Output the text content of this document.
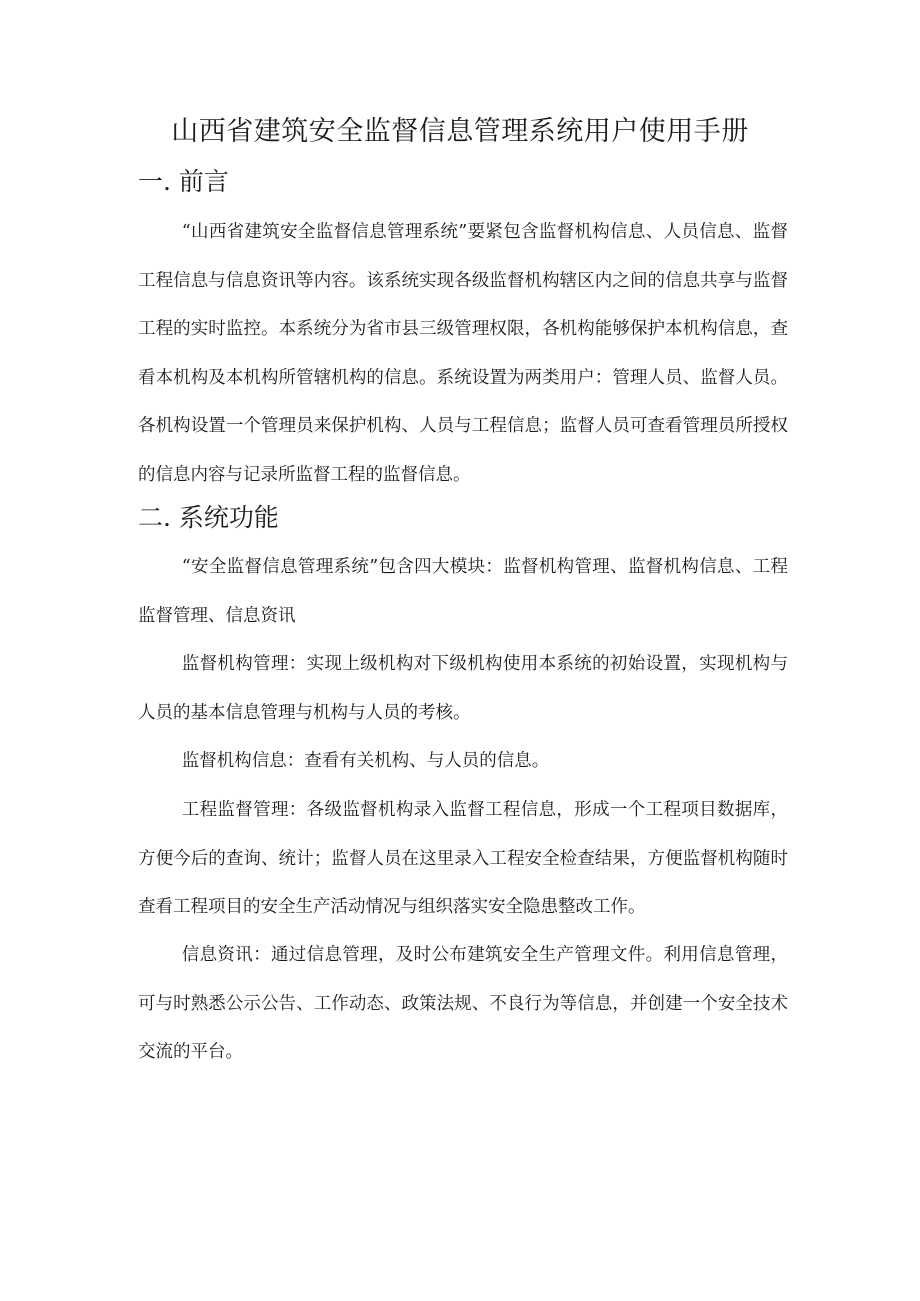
山西省建筑安全监督信息管理系统用户使用手册
一. 前言

“山西省建筑安全监督信息管理系统”要紧包含监督机构信息、人员信息、监督工程信息与信息资讯等内容。该系统实现各级监督机构辖区内之间的信息共享与监督工程的实时监控。本系统分为省市县三级管理权限，各机构能够保护本机构信息，查看本机构及本机构所管辖机构的信息。系统设置为两类用户：管理人员、监督人员。各机构设置一个管理员来保护机构、人员与工程信息；监督人员可查看管理员所授权的信息内容与记录所监督工程的监督信息。

二. 系统功能

“安全监督信息管理系统”包含四大模块：监督机构管理、监督机构信息、工程监督管理、信息资讯

监督机构管理：实现上级机构对下级机构使用本系统的初始设置，实现机构与人员的基本信息管理与机构与人员的考核。

监督机构信息：查看有关机构、与人员的信息。

工程监督管理：各级监督机构录入监督工程信息，形成一个工程项目数据库，方便今后的查询、统计；监督人员在这里录入工程安全检查结果，方便监督机构随时查看工程项目的安全生产活动情况与组织落实安全隐患整改工作。

信息资讯：通过信息管理，及时公布建筑安全生产管理文件。利用信息管理，可与时熟悉公示公告、工作动态、政策法规、不良行为等信息，并创建一个安全技术交流的平台。
